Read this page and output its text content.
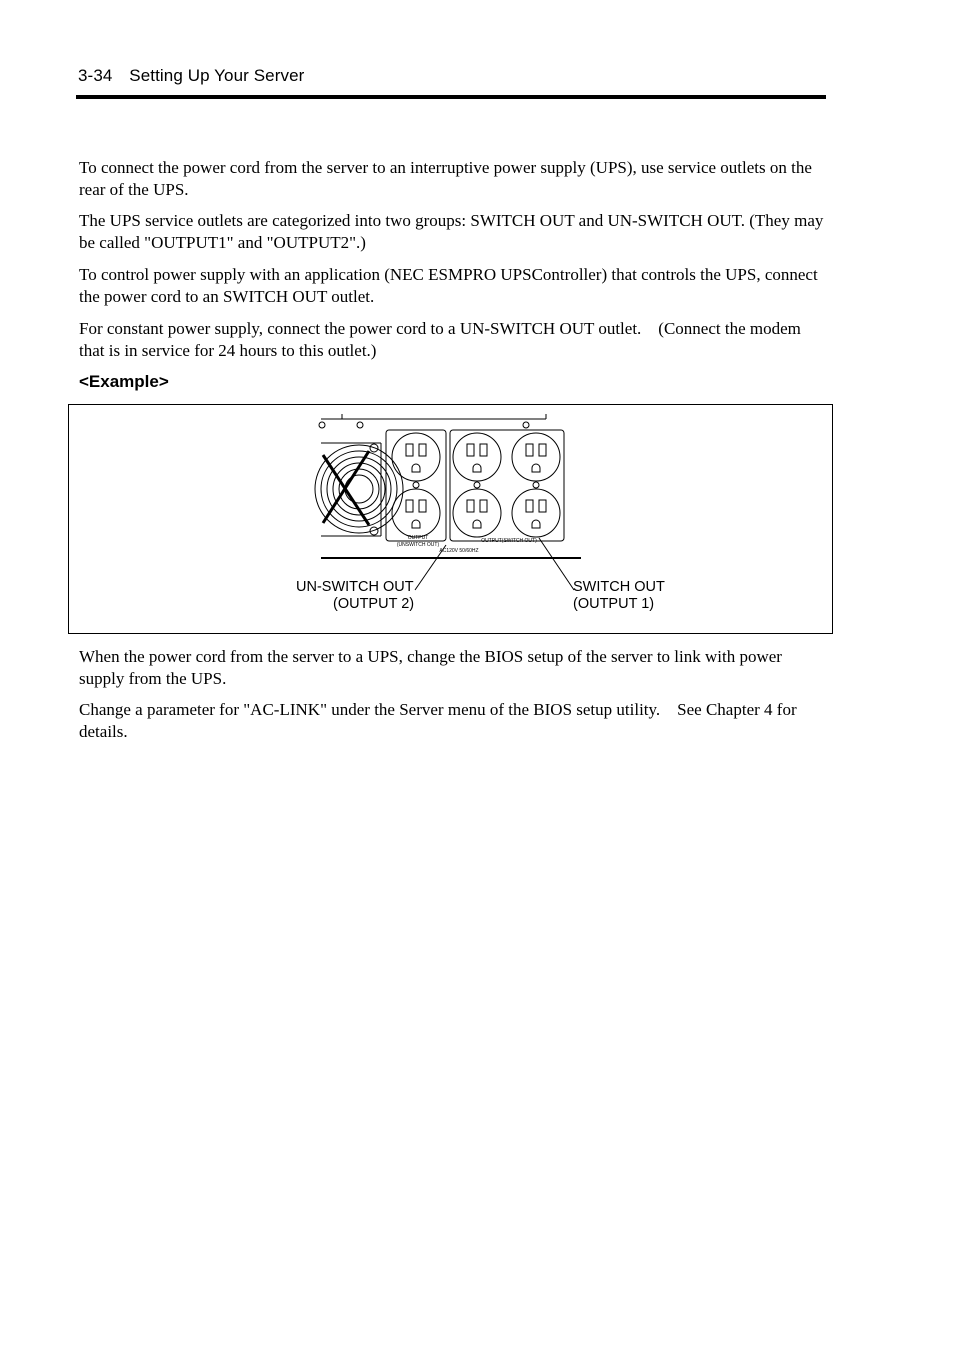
3-34 Setting Up Your Server

To connect the power cord from the server to an interruptive power supply (UPS), use service outlets on the rear of the UPS.

The UPS service outlets are categorized into two groups: SWITCH OUT and UN-SWITCH OUT. (They may be called "OUTPUT1" and "OUTPUT2".)

To control power supply with an application (NEC ESMPRO UPSController) that controls the UPS, connect the power cord to an SWITCH OUT outlet.

For constant power supply, connect the power cord to a UN-SWITCH OUT outlet. (Connect the modem that is in service for 24 hours to this outlet.)

<Example>
OUTPUT
(UNSWITCH OUT)
OUTPUT(SWITCH OUT)
AC120V 50/60HZ
UN-SWITCH OUT
(OUTPUT 2)
SWITCH OUT
(OUTPUT 1)

When the power cord from the server to a UPS, change the BIOS setup of the server to link with power supply from the UPS.

Change a parameter for "AC-LINK" under the Server menu of the BIOS setup utility. See Chapter 4 for details.
